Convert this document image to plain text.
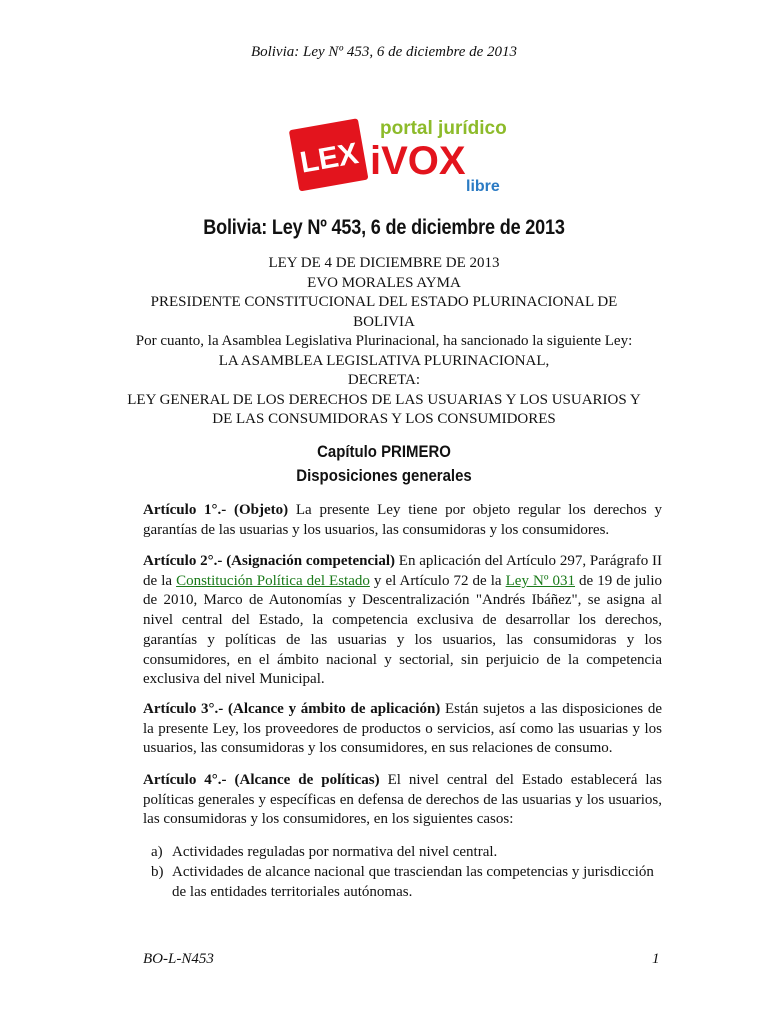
Bolivia: Ley Nº 453, 6 de diciembre de 2013
LEX
portal jurídico
iVOX
libre
Bolivia: Ley Nº 453, 6 de diciembre de 2013
LEY DE 4 DE DICIEMBRE DE 2013
EVO MORALES AYMA
PRESIDENTE CONSTITUCIONAL DEL ESTADO PLURINACIONAL DE BOLIVIA
Por cuanto, la Asamblea Legislativa Plurinacional, ha sancionado la siguiente Ley:
LA ASAMBLEA LEGISLATIVA PLURINACIONAL,
DECRETA:
LEY GENERAL DE LOS DERECHOS DE LAS USUARIAS Y LOS USUARIOS Y DE LAS CONSUMIDORAS Y LOS CONSUMIDORES
Capítulo PRIMERO
Disposiciones generales
Artículo 1°.- (Objeto) La presente Ley tiene por objeto regular los derechos y garantías de las usuarias y los usuarios, las consumidoras y los consumidores.
Artículo 2°.- (Asignación competencial) En aplicación del Artículo 297, Parágrafo II de la Constitución Política del Estado y el Artículo 72 de la Ley Nº 031 de 19 de julio de 2010, Marco de Autonomías y Descentralización "Andrés Ibáñez", se asigna al nivel central del Estado, la competencia exclusiva de desarrollar los derechos, garantías y políticas de las usuarias y los usuarios, las consumidoras y los consumidores, en el ámbito nacional y sectorial, sin perjuicio de la competencia exclusiva del nivel Municipal.
Artículo 3°.- (Alcance y ámbito de aplicación) Están sujetos a las disposiciones de la presente Ley, los proveedores de productos o servicios, así como las usuarias y los usuarios, las consumidoras y los consumidores, en sus relaciones de consumo.
Artículo 4°.- (Alcance de políticas) El nivel central del Estado establecerá las políticas generales y específicas en defensa de derechos de las usuarias y los usuarios, las consumidoras y los consumidores, en los siguientes casos:
a) Actividades reguladas por normativa del nivel central.
b) Actividades de alcance nacional que trasciendan las competencias y jurisdicción de las entidades territoriales autónomas.
BO-L-N453	1
